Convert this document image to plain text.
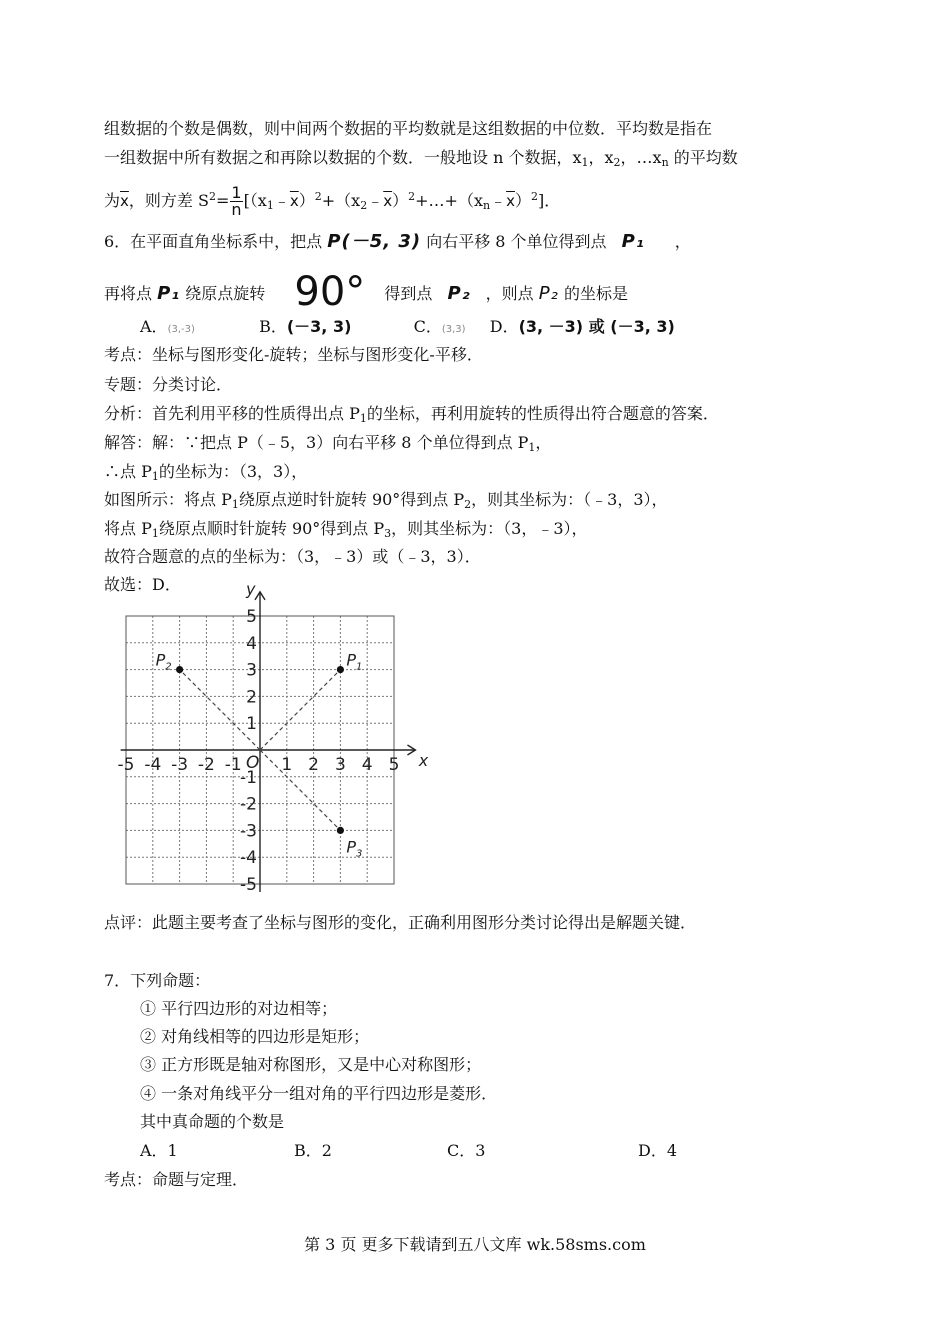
组数据的个数是偶数，则中间两个数据的平均数就是这组数据的中位数．平均数是指在
一组数据中所有数据之和再除以数据的个数．一般地设 n 个数据，$x_1$，$x_2$，$\dots x_n$ 的平均数
为$\overline{x}$，则方差 $S^2= \frac{1}{n}$ $[(x_1﹣\overline{x})^2+(x_2﹣\overline{x})^2+\dots+(x_n﹣\overline{x})^2]$．
6．在平面直角坐标系中，把点 P(－5, 3) 向右平移 8 个单位得到点 P₁ ，
再将点 P₁ 绕原点旋转 90° 得到点 P₂ ，则点 P₂ 的坐标是
A．(3,-3)	B．(－3, 3)	C．(3,3) D．(3, －3) 或 (－3, 3)
考点：坐标与图形变化-旋转；坐标与图形变化-平移．
专题：分类讨论．
分析：首先利用平移的性质得出点 $P_1$的坐标，再利用旋转的性质得出符合题意的答案．
解答：解：∵把点 P（﹣5，3）向右平移 8 个单位得到点 $P_1$，
∴点 $P_1$的坐标为：（3，3），
如图所示：将点 $P_1$绕原点逆时针旋转 90°得到点 $P_2$，则其坐标为：（﹣3，3），
将点 $P_1$绕原点顺时针旋转 90°得到点 $P_3$，则其坐标为：（3，﹣3），
故符合题意的点的坐标为：（3，﹣3）或（﹣3，3）．
故选：D．
x
y
O
-5 -4 -3 -2 -1 1 2 3 4 5
5
4
3
2
1
-1
-2
-3
-4
-5
$P_1$
$P_2$
$P_3$
点评：此题主要考查了坐标与图形的变化，正确利用图形分类讨论得出是解题关键．
7．下列命题：
① 平行四边形的对边相等；
② 对角线相等的四边形是矩形；
③ 正方形既是轴对称图形，又是中心对称图形；
④ 一条对角线平分一组对角的平行四边形是菱形．
其中真命题的个数是
A．1	B．2	C．3	D．4
考点：命题与定理．
第 3 页 更多下载请到五八文库 wk.58sms.com
